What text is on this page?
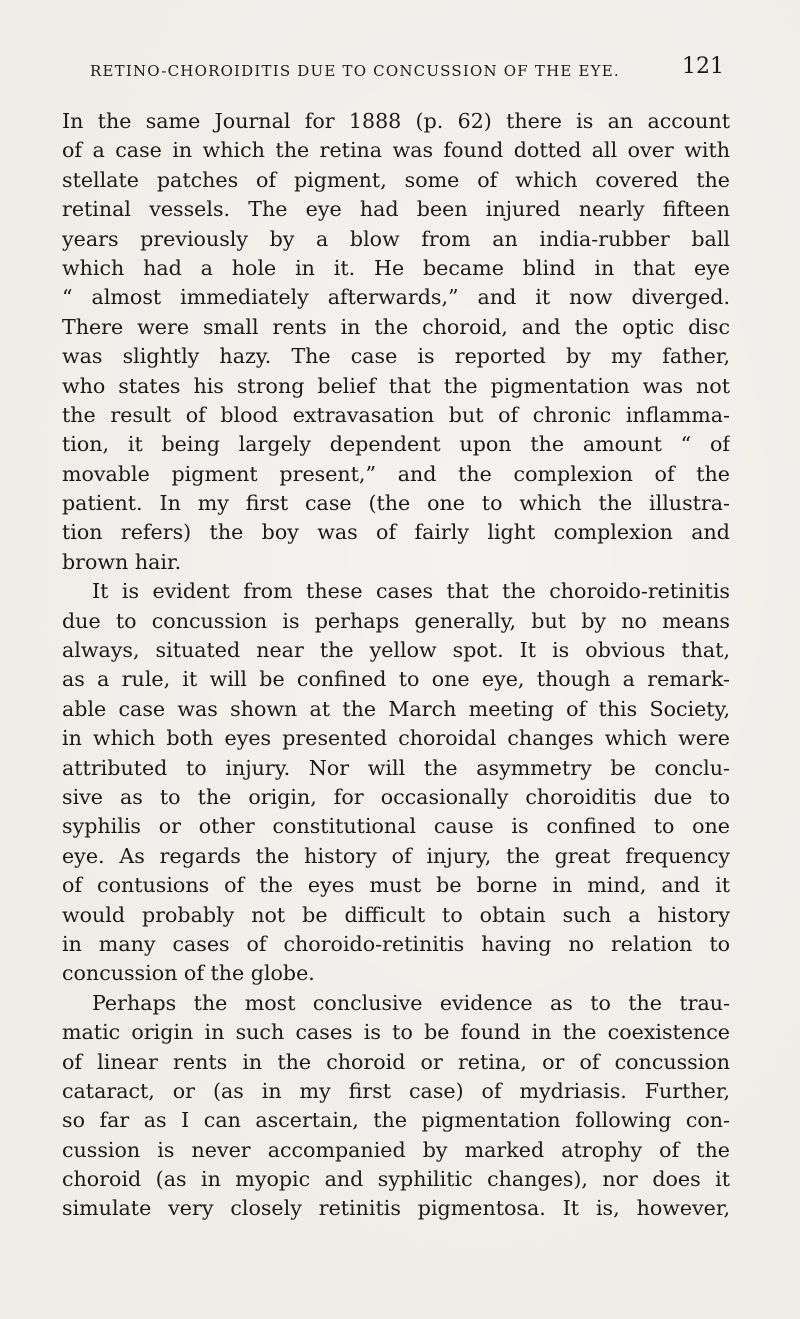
RETINO-CHOROIDITIS DUE TO CONCUSSION OF THE EYE.	121
In the same Journal for 1888 (p. 62) there is an account
of a case in which the retina was found dotted all over with
stellate patches of pigment, some of which covered the
retinal vessels. The eye had been injured nearly fifteen
years previously by a blow from an india-rubber ball
which had a hole in it. He became blind in that eye
“ almost immediately afterwards,” and it now diverged.
There were small rents in the choroid, and the optic disc
was slightly hazy. The case is reported by my father,
who states his strong belief that the pigmentation was not
the result of blood extravasation but of chronic inflamma-
tion, it being largely dependent upon the amount “ of
movable pigment present,” and the complexion of the
patient. In my first case (the one to which the illustra-
tion refers) the boy was of fairly light complexion and
brown hair.
It is evident from these cases that the choroido-retinitis
due to concussion is perhaps generally, but by no means
always, situated near the yellow spot. It is obvious that,
as a rule, it will be confined to one eye, though a remark-
able case was shown at the March meeting of this Society,
in which both eyes presented choroidal changes which were
attributed to injury. Nor will the asymmetry be conclu-
sive as to the origin, for occasionally choroiditis due to
syphilis or other constitutional cause is confined to one
eye. As regards the history of injury, the great frequency
of contusions of the eyes must be borne in mind, and it
would probably not be difficult to obtain such a history
in many cases of choroido-retinitis having no relation to
concussion of the globe.
Perhaps the most conclusive evidence as to the trau-
matic origin in such cases is to be found in the coexistence
of linear rents in the choroid or retina, or of concussion
cataract, or (as in my first case) of mydriasis. Further,
so far as I can ascertain, the pigmentation following con-
cussion is never accompanied by marked atrophy of the
choroid (as in myopic and syphilitic changes), nor does it
simulate very closely retinitis pigmentosa. It is, however,
